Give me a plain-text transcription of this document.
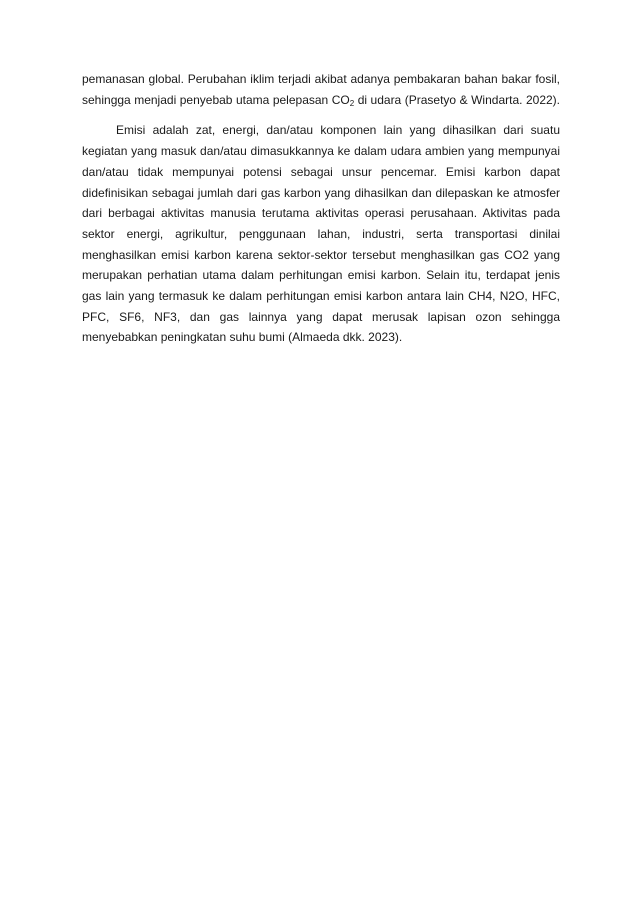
pemanasan global. Perubahan iklim terjadi akibat adanya pembakaran bahan bakar fosil,
sehingga menjadi penyebab utama pelepasan $CO_2$ di udara (Prasetyo & Windarta. 2022).

Emisi adalah zat, energi, dan/atau komponen lain yang dihasilkan dari suatu kegiatan yang masuk dan/atau dimasukkannya ke dalam udara ambien yang mempunyai dan/atau tidak mempunyai potensi sebagai unsur pencemar. Emisi karbon dapat didefinisikan sebagai jumlah dari gas karbon yang dihasilkan dan dilepaskan ke atmosfer dari berbagai aktivitas manusia terutama aktivitas operasi perusahaan. Aktivitas pada sektor energi, agrikultur, penggunaan lahan, industri, serta transportasi dinilai menghasilkan emisi karbon karena sektor-sektor tersebut menghasilkan gas CO2 yang merupakan perhatian utama dalam perhitungan emisi karbon. Selain itu, terdapat jenis gas lain yang termasuk ke dalam perhitungan emisi karbon antara lain CH4, N2O, HFC, PFC, SF6, NF3, dan gas lainnya yang dapat merusak lapisan ozon sehingga menyebabkan peningkatan suhu bumi (Almaeda dkk. 2023).
